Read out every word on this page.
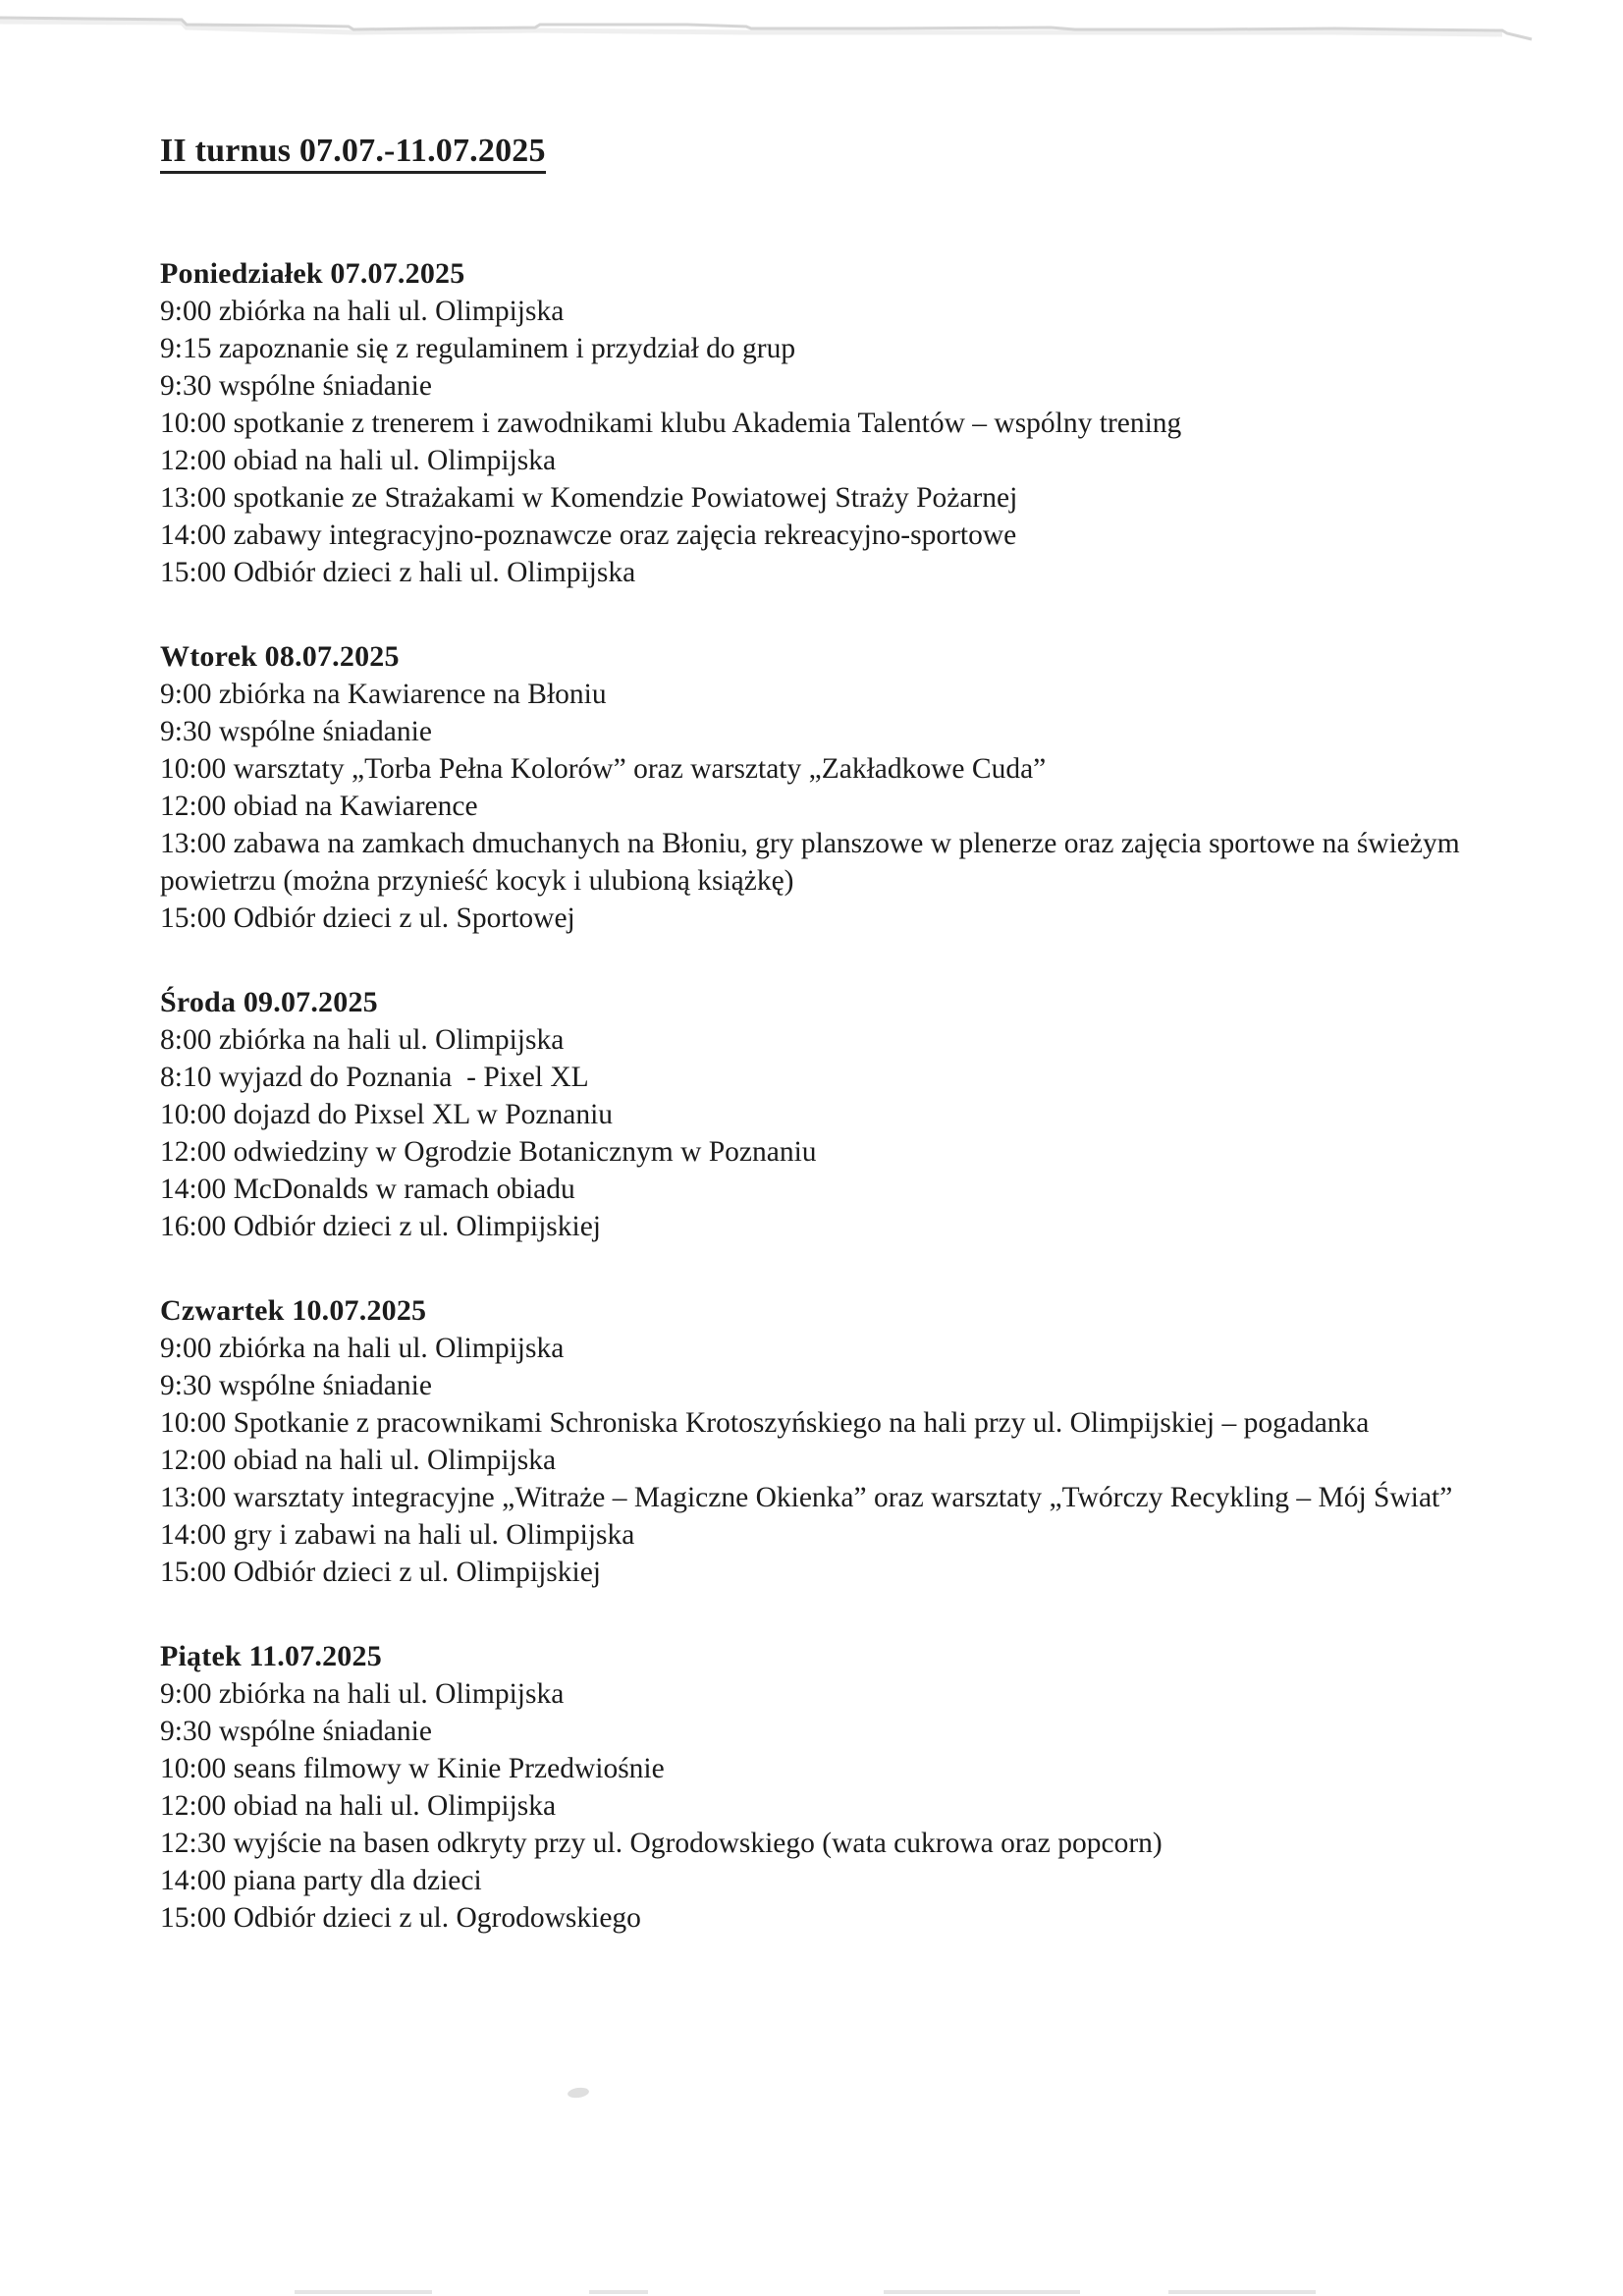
II turnus 07.07.-11.07.2025
Poniedziałek 07.07.2025
9:00 zbiórka na hali ul. Olimpijska
9:15 zapoznanie się z regulaminem i przydział do grup
9:30 wspólne śniadanie
10:00 spotkanie z trenerem i zawodnikami klubu Akademia Talentów – wspólny trening
12:00 obiad na hali ul. Olimpijska
13:00 spotkanie ze Strażakami w Komendzie Powiatowej Straży Pożarnej
14:00 zabawy integracyjno-poznawcze oraz zajęcia rekreacyjno-sportowe
15:00 Odbiór dzieci z hali ul. Olimpijska
Wtorek 08.07.2025
9:00 zbiórka na Kawiarence na Błoniu
9:30 wspólne śniadanie
10:00 warsztaty „Torba Pełna Kolorów” oraz warsztaty „Zakładkowe Cuda”
12:00 obiad na Kawiarence
13:00 zabawa na zamkach dmuchanych na Błoniu, gry planszowe w plenerze oraz zajęcia sportowe na świeżym powietrzu (można przynieść kocyk i ulubioną książkę)
15:00 Odbiór dzieci z ul. Sportowej
Środa 09.07.2025
8:00 zbiórka na hali ul. Olimpijska
8:10 wyjazd do Poznania  - Pixel XL
10:00 dojazd do Pixsel XL w Poznaniu
12:00 odwiedziny w Ogrodzie Botanicznym w Poznaniu
14:00 McDonalds w ramach obiadu
16:00 Odbiór dzieci z ul. Olimpijskiej
Czwartek 10.07.2025
9:00 zbiórka na hali ul. Olimpijska
9:30 wspólne śniadanie
10:00 Spotkanie z pracownikami Schroniska Krotoszyńskiego na hali przy ul. Olimpijskiej – pogadanka
12:00 obiad na hali ul. Olimpijska
13:00 warsztaty integracyjne „Witraże – Magiczne Okienka” oraz warsztaty „Twórczy Recykling – Mój Świat”
14:00 gry i zabawi na hali ul. Olimpijska
15:00 Odbiór dzieci z ul. Olimpijskiej
Piątek 11.07.2025
9:00 zbiórka na hali ul. Olimpijska
9:30 wspólne śniadanie
10:00 seans filmowy w Kinie Przedwiośnie
12:00 obiad na hali ul. Olimpijska
12:30 wyjście na basen odkryty przy ul. Ogrodowskiego (wata cukrowa oraz popcorn)
14:00 piana party dla dzieci
15:00 Odbiór dzieci z ul. Ogrodowskiego
